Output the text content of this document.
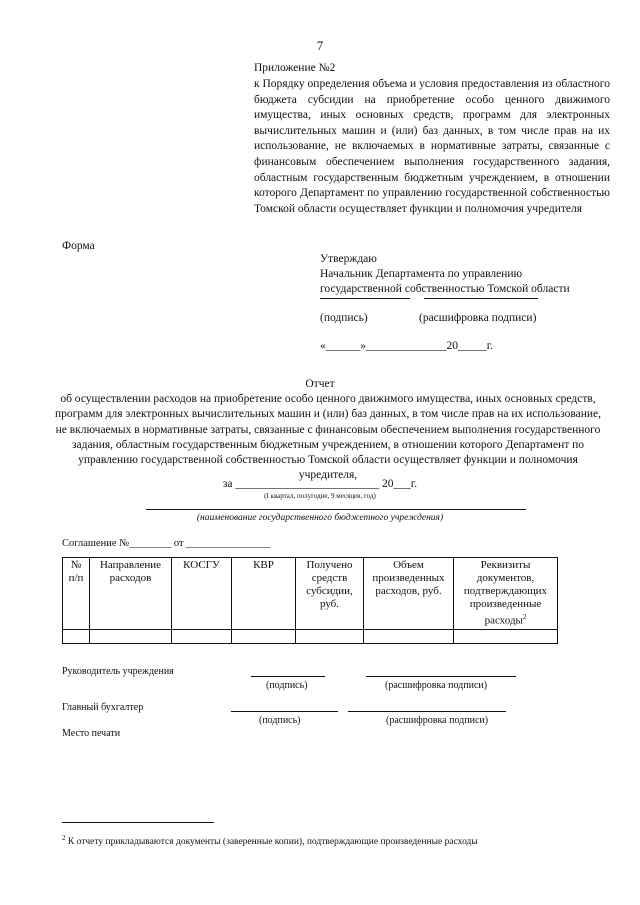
7
Приложение №2
к Порядку определения объема и условия предоставления из областного бюджета субсидии на приобретение особо ценного движимого имущества, иных основных средств, программ для электронных вычислительных машин и (или) баз данных, в том числе прав на их использование, не включаемых в нормативные затраты, связанные с финансовым обеспечением выполнения государственного задания, областным государственным бюджетным учреждением, в отношении которого Департамент по управлению государственной собственностью Томской области осуществляет функции и полномочия учредителя
Форма
Утверждаю
Начальник Департамента по управлению
государственной собственностью Томской области
(подпись)	(расшифровка подписи)
«______»______________20_____г.
Отчет
об осуществлении расходов на приобретение особо ценного движимого имущества, иных основных средств, программ для электронных вычислительных машин и (или) баз данных, в том числе прав на их использование, не включаемых в нормативные затраты, связанные с финансовым обеспечением выполнения государственного задания, областным государственным бюджетным учреждением, в отношении которого Департамент по управлению государственной собственностью Томской области осуществляет функции и полномочия учредителя,
за _________________________ 20___г.
(I квартал, полугодие, 9 месяцев, год)
(наименование государственного бюджетного учреждения)
Соглашение №________ от ________________
№ п/п	Направление расходов	КОСГУ	КВР	Получено средств субсидии, руб.	Объем произведенных расходов, руб.	Реквизиты документов, подтверждающих произведенные расходы$^2$

Руководитель учреждения
(подпись)	(расшифровка подписи)
Главный бухгалтер
(подпись)	(расшифровка подписи)
Место печати
$^2$ К отчету прикладываются документы (заверенные копии), подтверждающие произведенные расходы
